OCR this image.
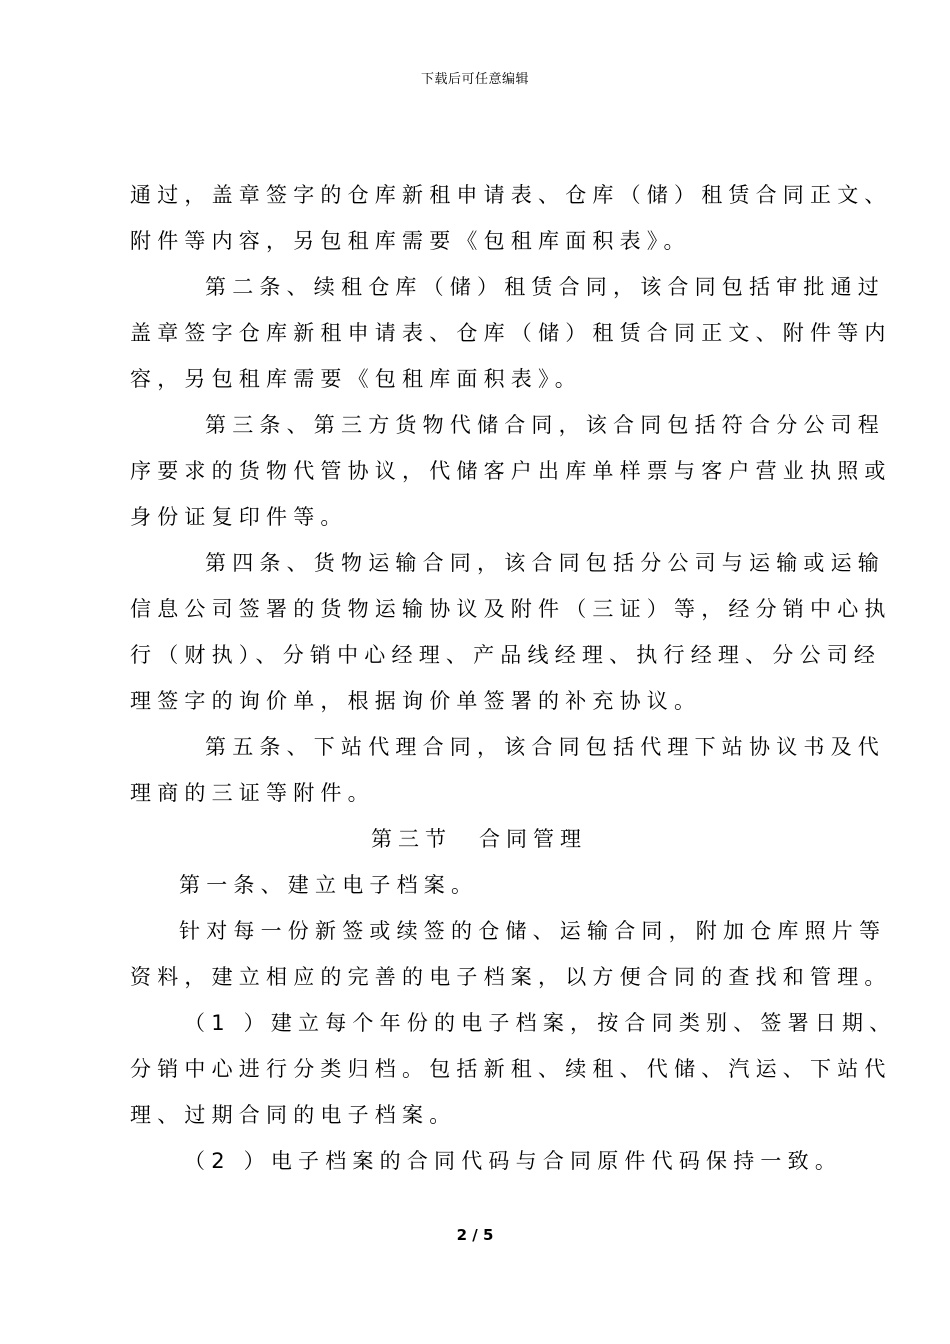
下载后可任意编辑
通过，盖章签字的仓库新租申请表、仓库（储）租赁合同正文、
附件等内容，另包租库需要《包租库面积表》。
第二条、续租仓库（储）租赁合同，该合同包括审批通过
盖章签字仓库新租申请表、仓库（储）租赁合同正文、附件等内
容，另包租库需要《包租库面积表》。
第三条、第三方货物代储合同，该合同包括符合分公司程
序要求的货物代管协议，代储客户出库单样票与客户营业执照或
身份证复印件等。
第四条、货物运输合同，该合同包括分公司与运输或运输
信息公司签署的货物运输协议及附件（三证）等，经分销中心执
行（财执）、分销中心经理、产品线经理、执行经理、分公司经
理签字的询价单，根据询价单签署的补充协议。
第五条、下站代理合同，该合同包括代理下站协议书及代
理商的三证等附件。
第三节　合同管理
第一条、建立电子档案。
针对每一份新签或续签的仓储、运输合同，附加仓库照片等
资料，建立相应的完善的电子档案，以方便合同的查找和管理。
（1 ）建立每个年份的电子档案，按合同类别、签署日期、
分销中心进行分类归档。包括新租、续租、代储、汽运、下站代
理、过期合同的电子档案。
（2 ）电子档案的合同代码与合同原件代码保持一致。
2 / 5
